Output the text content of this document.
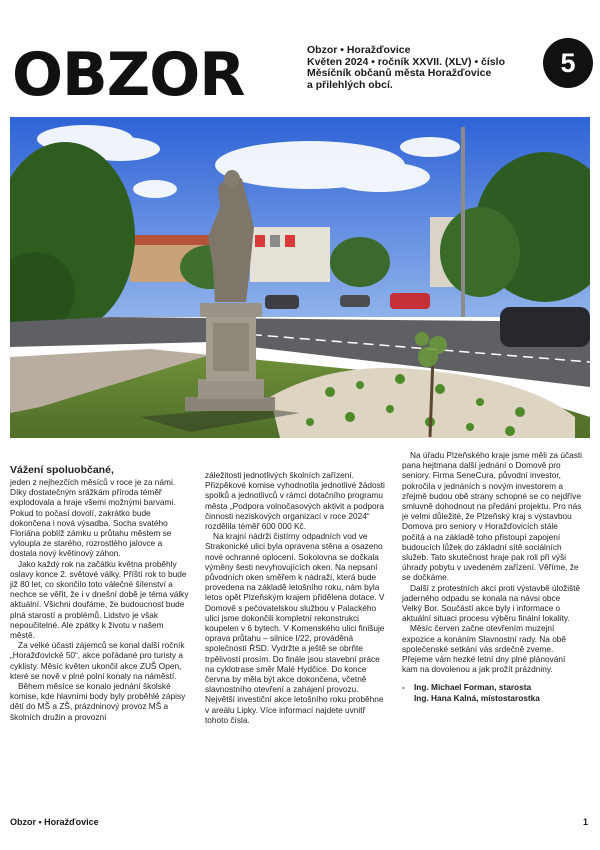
OBZOR	Obzor • Horažďovice
Květen 2024 • ročník XXVII. (XLV) • číslo
Měsíčník občanů města Horažďovice
a přilehlých obcí.
5

Vážení spoluobčané,

jeden z nejhezčích měsíců v roce je za námi. Díky dostatečným srážkám příroda téměř explodovala a hraje všemi možnými barvami. Pokud to počasí dovolí, zakrátko bude dokončena i nová výsadba. Socha svatého Floriána poblíž zámku u průtahu městem se vyloupla ze starého, rozrostlého jalovce a dostala nový květinový záhon.

Jako každý rok na začátku května proběhly oslavy konce 2. světové války. Příští rok to bude již 80 let, co skončilo toto válečné šílenství a nechce se věřit, že i v dnešní době je téma války aktuální. Všichni doufáme, že budoucnost bude plná starostí a problémů. Lidstvo je však nepoučitelné. Ale zpátky k životu v našem městě.

Za velké účasti zájemců se konal další ročník „Horažďovické 50“, akce pořádané pro turisty a cyklisty. Měsíc květen ukončil akce ZUŠ Open, které se nově v plné polní konaly na náměstí.

Během měsíce se konalo jednání školské komise, kde hlavními body byly proběhlé zápisy dětí do MŠ a ZŠ, prázdninový provoz MŠ a školních družin a provozní

záležitosti jednotlivých školních zařízení. Přizpěkové komise vyhodnotila jednotlivé žádosti spolků a jednotlivců v rámci dotačního programu města „Podpora volnočasových aktivit a podpora činnosti neziskových organizací v roce 2024“ rozdělila téměř 600 000 Kč.

Na krajní nádrži čistírny odpadních vod ve Strakonické ulici byla opravena stěna a osazeno nové ochranné oplocení. Sokolovna se dočkala výměny šesti nevyhovujících oken. Na nepsaní původních oken směřem k nádraží, která bude provedena na základě letošního roku, nám byla letos opět Plzeňským krajem přidělena dotace. V Domově s pečovatelskou službou v Palackého ulici jsme dokončili kompletní rekonstrukci koupelen v 6 bytech. V Komenského ulici finišuje oprava průtahu – silnice I/22, prováděná společností ŘSD. Vydržte a ještě se obrňte trpělivostí prosím. Do finále jsou stavební práce na cyklotrase směr Malé Hydčice. Do konce června by měla být akce dokončena, včetně slavnostního otevření a zahájení provozu. Největší investiční akce letošního roku proběhne v areálu Lipky. Více informací najdete uvnitř tohoto čísla.

Na úřadu Plzeňského kraje jsme měli za účasti pana hejtmana další jednání o Domově pro seniory. Firma SeneCura, původní investor, pokročila v jednáních s novým investorem a zřejmě budou obě strany schopné se co nejdříve smluvně dohodnout na předání projektu. Pro nás je velmi důležité, že Plzeňský kraj s výstavbou Domova pro seniory v Horažďovicích stále počítá a na základě toho přistoupí zapojení budoucích lůžek do základní sítě sociálních služeb. Tato skutečnost hraje pak roli při výši úhrady pobytu v uvedeném zařízení. Věříme, že se dočkáme.

Další z protestních akcí proti výstavbě úložiště jaderného odpadu se konala na návsi obce Velký Bor. Součástí akce byly i informace o aktuální situaci procesu výběru finální lokality.

Měsíc červen začne otevřením muzejní expozice a konáním Slavnostní rady. Na obě společenské setkání vás srdečně zveme. Přejeme vám hezké letní dny plné plánování kam na dovolenou a jak prožít prázdniny.

- Ing. Michael Forman, starosta
Ing. Hana Kalná, místostarostka
Obzor • Horažďovice	1
